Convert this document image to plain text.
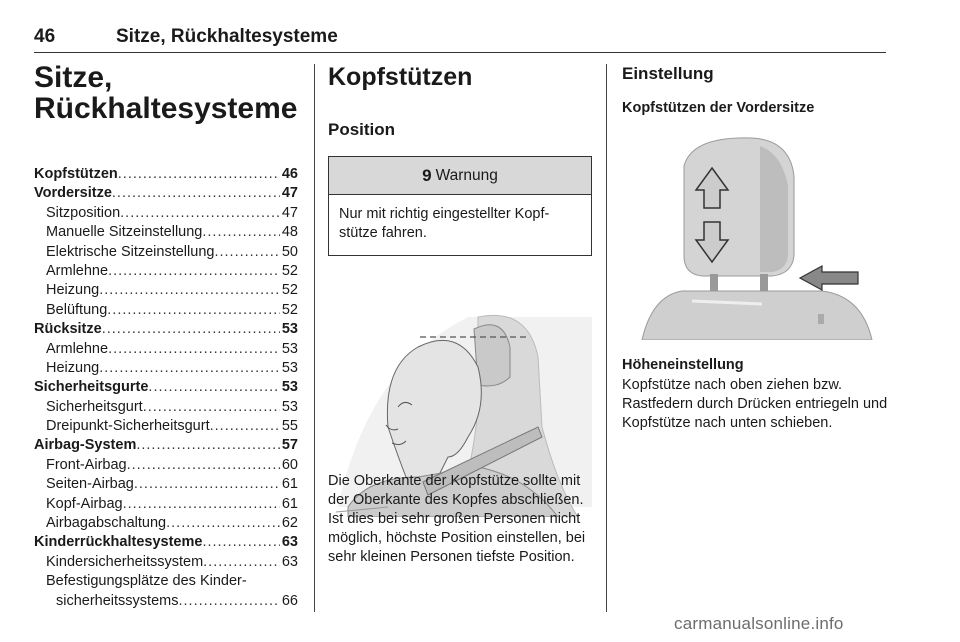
46	Sitze, Rückhaltesysteme
Sitze,
Rückhaltesysteme
Kopfstützen .....	46
Vordersitze .....	47
Sitzposition .....	47
Manuelle Sitzeinstellung .....	48
Elektrische Sitzeinstellung .....	50
Armlehne .....	52
Heizung .....	52
Belüftung .....	52
Rücksitze .....	53
Armlehne .....	53
Heizung .....	53
Sicherheitsgurte .....	53
Sicherheitsgurt .....	53
Dreipunkt-Sicherheitsgurt .....	55
Airbag-System .....	57
Front-Airbag .....	60
Seiten-Airbag .....	61
Kopf-Airbag .....	61
Airbagabschaltung .....	62
Kinderrückhaltesysteme .....	63
Kindersicherheitssystem .....	63
Befestigungsplätze des Kinder-
sicherheitssystems .....	66
Kopfstützen
Position
9 Warnung
Nur mit richtig eingestellter Kopf-stütze fahren.

Die Oberkante der Kopfstütze sollte mit der Oberkante des Kopfes abschließen. Ist dies bei sehr großen Personen nicht möglich, höchste Position einstellen, bei sehr kleinen Personen tiefste Position.

Einstellung
Kopfstützen der Vordersitze
Höheneinstellung

Kopfstütze nach oben ziehen bzw. Rastfedern durch Drücken entriegeln und Kopfstütze nach unten schieben.

carmanualsonline.info
